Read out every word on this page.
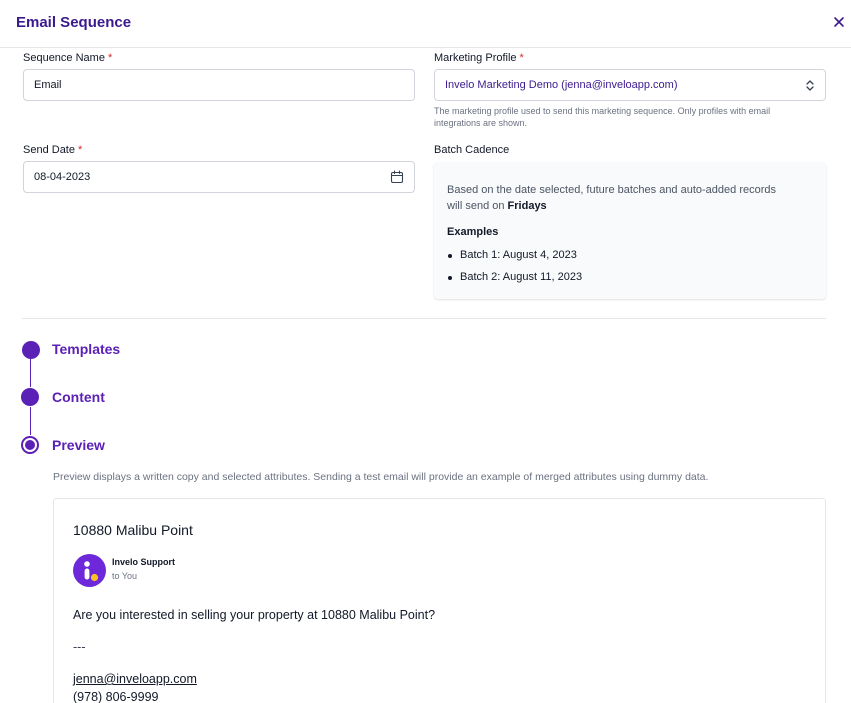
Email Sequence
Sequence Name *
Email
Marketing Profile *
Invelo Marketing Demo (jenna@inveloapp.com)
The marketing profile used to send this marketing sequence. Only profiles with email
integrations are shown.
Send Date *
08-04-2023
Batch Cadence
Based on the date selected, future batches and auto-added records
will send on Fridays
Examples
Batch 1: August 4, 2023
Batch 2: August 11, 2023
Templates
Content
Preview
Preview displays a written copy and selected attributes. Sending a test email will provide an example of merged attributes using dummy data.
10880 Malibu Point
Invelo Support
to You
Are you interested in selling your property at 10880 Malibu Point?
---
jenna@inveloapp.com
(978) 806-9999
